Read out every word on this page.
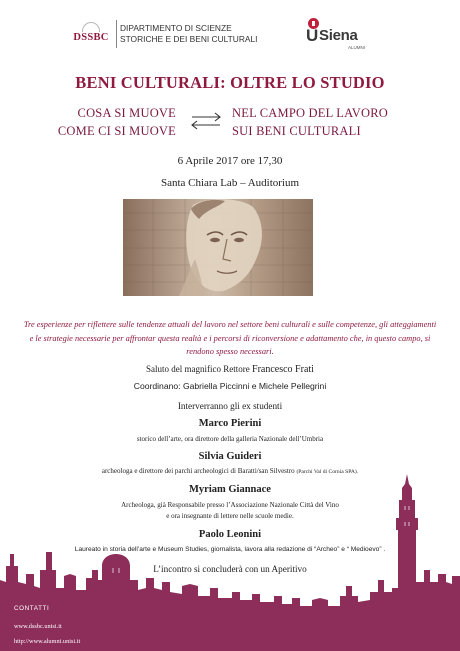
DSSBC
DIPARTIMENTO DI SCIENZE
STORICHE E DEI BENI CULTURALI	U Siena
ALUMNI
BENI CULTURALI: OLTRE LO STUDIO
COSA SI MUOVE
COME CI SI MUOVE
NEL CAMPO DEL LAVORO
SUI BENI CULTURALI
6 Aprile 2017 ore 17,30
Santa Chiara Lab – Auditorium
Tre esperienze per riflettere sulle tendenze attuali del lavoro nel settore beni culturali e sulle competenze, gli atteggiamenti e le strategie necessarie per affrontar questa realtà e i percorsi di riconversione e adattamento che, in questo campo, si rendono spesso necessari.
Saluto del magnifico Rettore Francesco Frati
Coordinano: Gabriella Piccinni e Michele Pellegrini
Interverranno gli ex studenti
Marco Pierini
storico dell’arte, ora direttore della galleria Nazionale dell’Umbria
Silvia Guideri
archeologa e direttore dei parchi archeologici di Baratti/san Silvestro (Parchi Val di Cornia SPA).
Myriam Giannace
Archeologa, già Responsabile presso l’Associazione Nazionale Città del Vino
e ora insegnante di lettere nelle scuole medie.
Paolo Leonini
Laureato in storia dell’arte e Museum Studies, giornalista, lavora alla redazione di “Archeo” e “ Medioevo” .
L’incontro si concluderà con un Aperitivo
CONTATTI
www.dssbc.unisi.it
http://www.alumni.unisi.it
